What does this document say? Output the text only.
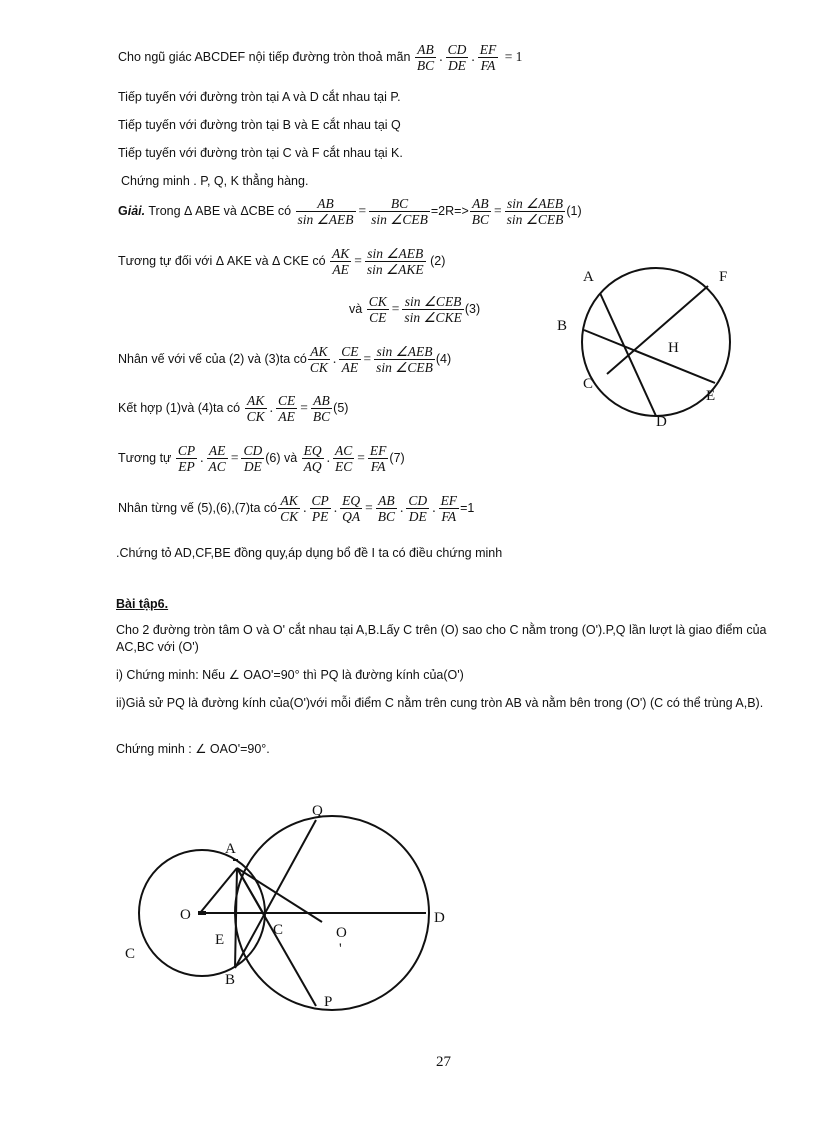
Cho ngũ giác ABCDEF nội tiếp đường tròn thoả mãn $\frac{AB}{BC}$ . $\frac{CD}{DE}$ . $\frac{EF}{FA} = 1$
Tiếp tuyến với đường tròn tại A và D cắt nhau tại P.
Tiếp tuyến với đường tròn tại B và E cắt nhau tại Q
Tiếp tuyến với đường tròn tại C và F cắt nhau tại K.
Chứng minh . P, Q, K thẳng hàng.
Giải. Trong Δ ABE và ΔCBE có $\frac{AB}{\text{sin ∠AEB}} = \frac{BC}{\text{sin ∠CEB}} =2R=> \frac{AB}{BC} = \frac{\text{sin ∠AEB}}{\text{sin ∠CEB}} (1)$
Tương tự đối với Δ AKE và Δ CKE có $\frac{AK}{AE} = \frac{\text{sin ∠AEB}}{\text{sin ∠AKE}} (2)$
và $\frac{CK}{CE} = \frac{\text{sin ∠CEB}}{\text{sin ∠CKE}} (3)$
Nhân vế với vế của (2) và (3)ta có $\frac{AK}{CK}$ . $\frac{CE}{AE} = \frac{\text{sin ∠AEB}}{\text{sin ∠CEB}} (4)$
Kết hợp (1)và (4)ta có $\frac{AK}{CK}$ . $\frac{CE}{AE} = \frac{AB}{BC} (5)$
Tương tự $\frac{CP}{EP}$ . $\frac{AE}{AC} = \frac{CD}{DE} (6)$ và $\frac{EQ}{AQ}$ . $\frac{AC}{EC} = \frac{EF}{FA} (7)$
Nhân từng vế (5),(6),(7)ta có $\frac{AK}{CK}$ . $\frac{CP}{PE}$ . $\frac{EQ}{QA} = \frac{AB}{BC}$ . $\frac{CD}{DE}$ . $\frac{EF}{FA} =1$
.Chứng tỏ AD,CF,BE đồng quy,áp dụng bổ đề I ta có điều chứng minh
A	F
B
H
C
E
D
Bài tập6.
Cho 2 đường tròn tâm O và O' cắt nhau tại A,B.Lấy C trên (O) sao cho C nằm trong (O').P,Q lần lượt là giao điểm của AC,BC với (O')
i) Chứng minh: Nếu ∠ OAO'=90° thì PQ là đường kính của(O')
ii)Giả sử PQ là đường kính của(O')với mỗi điểm C nằm trên cung tròn AB và nằm bên trong (O') (C có thể trùng A,B).
Chứng minh : ∠ OAO'=90°.
Q
A
O
E
C	O
'
D
C
B
P
27
